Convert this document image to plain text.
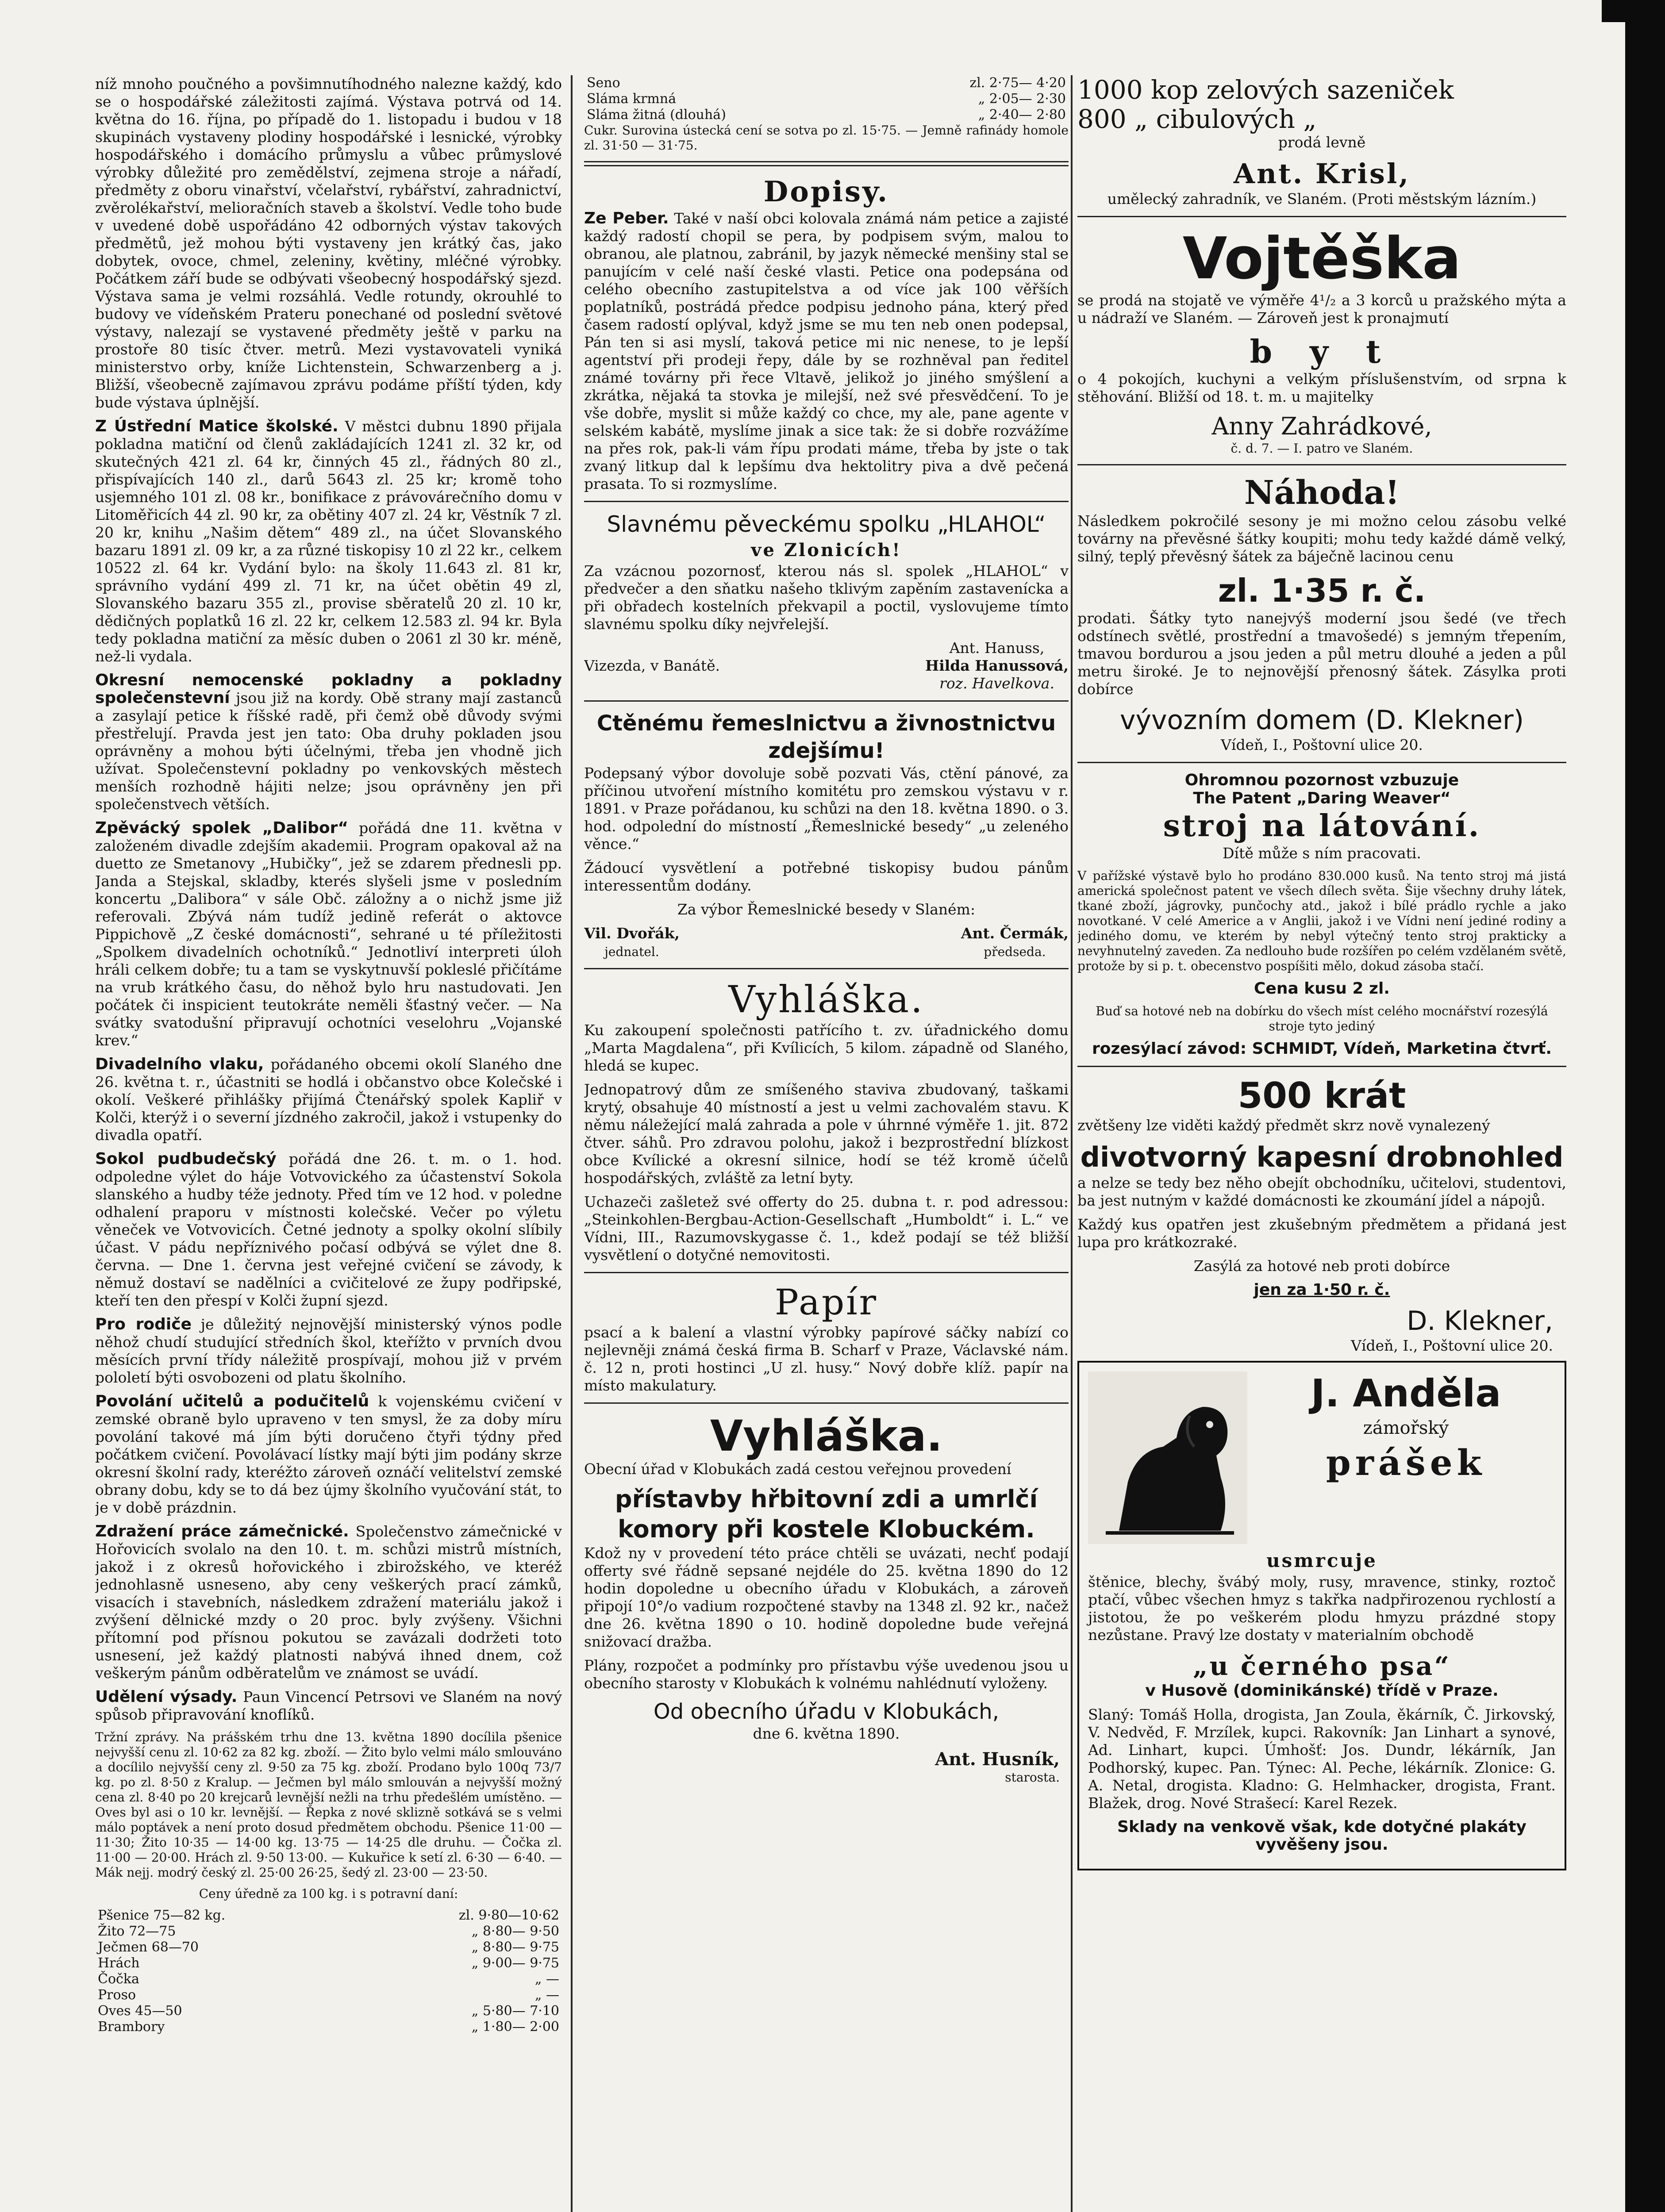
níž mnoho poučného a povšimnutíhodného nalezne každý, kdo se o hospodářské záležitosti zajímá. Výstava potrvá od 14. května do 16. října, po případě do 1. listopadu i budou v 18 skupinách vystaveny plodiny hospodářské i lesnické, výrobky hospodářského i domácího průmyslu a vůbec průmyslové výrobky důležité pro zemědělství, zejmena stroje a nářadí, předměty z oboru vinařství, včelařství, rybářství, zahradnictví, zvěrolékařství, melioračních staveb a školství. Vedle toho bude v uvedené době uspořádáno 42 odborných výstav takových předmětů, jež mohou býti vystaveny jen krátký čas, jako dobytek, ovoce, chmel, zeleniny, květiny, mléčné výrobky. Počátkem září bude se odbývati všeobecný hospodářský sjezd. Výstava sama je velmi rozsáhlá. Vedle rotundy, okrouhlé to budovy ve vídeňském Prateru ponechané od poslední světové výstavy, nalezají se vystavené předměty ještě v parku na prostoře 80 tisíc čtver. metrů. Mezi vystavovateli vyniká ministerstvo orby, kníže Lichtenstein, Schwarzenberg a j. Bližší, všeobecně zajímavou zprávu podáme příští týden, kdy bude výstava úplnější.

Z Ústřední Matice školské. V městci dubnu 1890 přijala pokladna matiční od členů zakládajících 1241 zl. 32 kr, od skutečných 421 zl. 64 kr, činných 45 zl., řádných 80 zl., přispívajících 140 zl., darů 5643 zl. 25 kr; kromě toho usjemného 101 zl. 08 kr., bonifikace z právovárečního domu v Litoměřicích 44 zl. 90 kr, za obětiny 407 zl. 24 kr, Věstník 7 zl. 20 kr, knihu „Našim dětem“ 489 zl., na účet Slovanského bazaru 1891 zl. 09 kr, a za různé tiskopisy 10 zl 22 kr., celkem 10522 zl. 64 kr. Vydání bylo: na školy 11.643 zl. 81 kr, správního vydání 499 zl. 71 kr, na účet obětin 49 zl, Slovanského bazaru 355 zl., provise sběratelů 20 zl. 10 kr, dědičných poplatků 16 zl. 22 kr, celkem 12.583 zl. 94 kr. Byla tedy pokladna matiční za měsíc duben o 2061 zl 30 kr. méně, než-li vydala.

Okresní nemocenské pokladny a pokladny společenstevní jsou již na kordy. Obě strany mají zastanců a zasylají petice k říšské radě, při čemž obě důvody svými přestřelují. Pravda jest jen tato: Oba druhy pokladen jsou oprávněny a mohou býti účelnými, třeba jen vhodně jich užívat. Společenstevní pokladny po venkovských městech menších rozhodně hájiti nelze; jsou oprávněny jen při společenstvech větších.

Zpěvácký spolek „Dalibor“ pořádá dne 11. května v založeném divadle zdejším akademii. Program opakoval až na duetto ze Smetanovy „Hubičky“, jež se zdarem přednesli pp. Janda a Stejskal, skladby, kterés slyšeli jsme v posledním koncertu „Dalibora“ v sále Obč. záložny a o nichž jsme již referovali. Zbývá nám tudíž jedině referát o aktovce Pippichově „Z české domácnosti“, sehrané u té příležitosti „Spolkem divadelních ochotníků.“ Jednotliví interpreti úloh hráli celkem dobře; tu a tam se vyskytnuvší pokleslé přičítáme na vrub krátkého času, do něhož bylo hru nastudovati. Jen počátek či inspicient teutokráte neměli šťastný večer. — Na svátky svatodušní připravují ochotníci veselohru „Vojanské krev.“

Divadelního vlaku, pořádaného obcemi okolí Slaného dne 26. května t. r., účastniti se hodlá i občanstvo obce Kolečské i okolí. Veškeré přihlášky přijímá Čtenářský spolek Kapliř v Kolči, kterýž i o severní jízdného zakročil, jakož i vstupenky do divadla opatří.

Sokol pudbudečský pořádá dne 26. t. m. o 1. hod. odpoledne výlet do háje Votvovického za účastenství Sokola slanského a hudby téže jednoty. Před tím ve 12 hod. v poledne odhalení praporu v místnosti kolečské. Večer po výletu věneček ve Votvovicích. Četné jednoty a spolky okolní slíbily účast. V pádu nepříznivého počasí odbývá se výlet dne 8. června. — Dne 1. června jest veřejné cvičení se závody, k němuž dostaví se nadělníci a cvičitelové ze župy podřipské, kteří ten den přespí v Kolči župní sjezd.

Pro rodiče je důležitý nejnovější ministerský výnos podle něhož chudí studující středních škol, kteřížto v prvních dvou měsících první třídy náležitě prospívají, mohou již v prvém pololetí býti osvobozeni od platu školního.

Povolání učitelů a podučitelů k vojenskému cvičení v zemské obraně bylo upraveno v ten smysl, že za doby míru povolání takové má jím býti doručeno čtyři týdny před počátkem cvičení. Povolávací lístky mají býti jim podány skrze okresní školní rady, kteréžto zároveň oznáčí velitelství zemské obrany dobu, kdy se to dá bez újmy školního vyučování stát, to je v době prázdnin.

Zdražení práce zámečnické. Společenstvo zámečnické v Hořovicích svolalo na den 10. t. m. schůzi mistrů místních, jakož i z okresů hořovického i zbirožského, ve kteréž jednohlasně usneseno, aby ceny veškerých prací zámků, visacích i stavebních, následkem zdražení materiálu jakož i zvýšení dělnické mzdy o 20 proc. byly zvýšeny. Všichni přítomní pod přísnou pokutou se zavázali dodržeti toto usnesení, jež každý platnosti nabývá ihned dnem, což veškerým pánům odběratelům ve známost se uvádí.

Udělení výsady. Paun Vincencí Petrsovi ve Slaném na nový spůsob připravování knoflíků.

Tržní zprávy. Na prášském trhu dne 13. května 1890 docílila pšenice nejvyšší cenu zl. 10·62 za 82 kg. zboží. — Žito bylo velmi málo smlouváno a docílilo nejvyšší ceny zl. 9·50 za 75 kg. zboží. Prodano bylo 100q 73/7 kg. po zl. 8·50 z Kralup. — Ječmen byl málo smlouván a nejvyšší možný cena zl. 8·40 po 20 krejcarů levnější nežli na trhu předešlém umístěno. — Oves byl asi o 10 kr. levnější. — Řepka z nové sklizně sotkává se s velmi málo poptávek a není proto dosud předmětem obchodu. Pšenice 11·00 — 11·30; Žito 10·35 — 14·00 kg. 13·75 — 14·25 dle druhu. — Čočka zl. 11·00 — 20·00. Hrách zl. 9·50 13·00. — Kukuřice k setí zl. 6·30 — 6·40. — Mák nejj. modrý český zl. 25·00 26·25, šedý zl. 23·00 — 23·50.

Ceny úředně za 100 kg. i s potravní daní:

Pšenice 75—82 kg.	zl. 9·80—10·62
Žito 72—75	„ 8·80— 9·50
Ječmen 68—70	„ 8·80— 9·75
Hrách	„ 9·00— 9·75
Čočka	„ —
Proso	„ —
Oves 45—50	„ 5·80— 7·10
Brambory	„ 1·80— 2·00
Seno	zl. 2·75— 4·20
Sláma krmná	„ 2·05— 2·30
Sláma žitná (dlouhá)	„ 2·40— 2·80

Cukr. Surovina ústecká cení se sotva po zl. 15·75. — Jemně rafinády homole zl. 31·50 — 31·75.

Dopisy.

Ze Peber. Také v naší obci kolovala známá nám petice a zajisté každý radostí chopil se pera, by podpisem svým, malou to obranou, ale platnou, zabránil, by jazyk německé menšiny stal se panujícím v celé naší české vlasti. Petice ona podepsána od celého obecního zastupitelstva a od více jak 100 věřších poplatníků, postrádá předce podpisu jednoho pána, který před časem radostí oplýval, když jsme se mu ten neb onen podepsal, Pán ten si asi myslí, taková petice mi nic nenese, to je lepší agentství při prodeji řepy, dále by se rozhněval pan ředitel známé továrny při řece Vltavě, jelikož jo jiného smýšlení a zkrátka, nějaká ta stovka je milejší, než své přesvědčení. To je vše dobře, myslit si může každý co chce, my ale, pane agente v selském kabátě, myslíme jinak a sice tak: že si dobře rozvážíme na přes rok, pak-li vám řípu prodati máme, třeba by jste o tak zvaný litkup dal k lepšímu dva hektolitry piva a dvě pečená prasata. To si rozmyslíme.

Slavnému pěveckému spolku „HLAHOL“
ve Zlonicích!

Za vzácnou pozornosť, kterou nás sl. spolek „HLAHOL“ v předvečer a den sňatku našeho tklivým zapěním zastavenícka a při obřadech kostelních překvapil a poctil, vyslovujeme tímto slavnému spolku díky nejvřelejší.

Vizezda, v Banátě.
Ant. Hanuss,
Hilda Hanussová,
roz. Havelkova.
Ctěnému řemeslnictvu a živnostnictvu zdejšímu!

Podepsaný výbor dovoluje sobě pozvati Vás, ctění pánové, za příčinou utvoření místního komitétu pro zemskou výstavu v r. 1891. v Praze pořádanou, ku schůzi na den 18. května 1890. o 3. hod. odpolední do místností „Řemeslnické besedy“ „u zeleného věnce.“

Žádoucí vysvětlení a potřebné tiskopisy budou pánům interessentům dodány.

Za výbor Řemeslnické besedy v Slaném:

Vil. Dvořák,
jednatel.
Ant. Čermák,
předseda.
Vyhláška.

Ku zakoupení společnosti patřícího t. zv. úřadnického domu „Marta Magdalena“, při Kvílicích, 5 kilom. západně od Slaného, hledá se kupec.

Jednopatrový dům ze smíšeného staviva zbudovaný, taškami krytý, obsahuje 40 místností a jest u velmi zachovalém stavu. K němu náležející malá zahrada a pole v úhrnné výměře 1. jit. 872 čtver. sáhů. Pro zdravou polohu, jakož i bezprostřední blízkost obce Kvílické a okresní silnice, hodí se též kromě účelů hospodářských, zvláště za letní byty.

Uchazeči zašletež své offerty do 25. dubna t. r. pod adressou: „Steinkohlen-Bergbau-Action-Gesellschaft „Humboldt“ i. L.“ ve Vídni, III., Razumovskygasse č. 1., kdež podají se též bližší vysvětlení o dotyčné nemovitosti.

Papír

psací a k balení a vlastní výrobky papírové sáčky nabízí co nejlevněji známá česká firma B. Scharf v Praze, Václavské nám. č. 12 n, proti hostinci „U zl. husy.“ Nový dobře klíž. papír na místo makulatury.

Vyhláška.

Obecní úřad v Klobukách zadá cestou veřejnou provedení

přístavby hřbitovní zdi a umrlčí komory při kostele Klobuckém.

Kdož ny v provedení této práce chtěli se uvázati, nechť podají offerty své řádně sepsané nejdéle do 25. května 1890 do 12 hodin dopoledne u obecního úřadu v Klobukách, a zároveň připojí 10°/o vadium rozpočtené stavby na 1348 zl. 92 kr., načež dne 26. května 1890 o 10. hodině dopoledne bude veřejná snižovací dražba.

Plány, rozpočet a podmínky pro přístavbu výše uvedenou jsou u obecního starosty v Klobukách k volnému nahlédnutí vyloženy.

Od obecního úřadu v Klobukách,

dne 6. května 1890.

Ant. Husník,
starosta.
1000 kop zelových sazeniček
800 „ cibulových „

prodá levně

Ant. Krisl,

umělecký zahradník, ve Slaném. (Proti městským lázním.)

Vojtěška

se prodá na stojatě ve výměře 4¹/₂ a 3 korců u pražského mýta a u nádraží ve Slaném. — Zároveň jest k pronajmutí

b y t

o 4 pokojích, kuchyni a velkým příslušenstvím, od srpna k stěhování. Bližší od 18. t. m. u majitelky

Anny Zahrádkové,

č. d. 7. — I. patro ve Slaném.

Náhoda!

Následkem pokročilé sesony je mi možno celou zásobu velké továrny na převěsné šátky koupiti; mohu tedy každé dámě velký, silný, teplý převěsný šátek za báječně lacinou cenu

zl. 1·35 r. č.

prodati. Šátky tyto nanejvýš moderní jsou šedé (ve třech odstínech světlé, prostřední a tmavošedé) s jemným třepením, tmavou bordurou a jsou jeden a půl metru dlouhé a jeden a půl metru široké. Je to nejnovější přenosný šátek. Zásylka proti dobírce

vývozním domem (D. Klekner)

Vídeň, I., Poštovní ulice 20.

Ohromnou pozornost vzbuzuje
The Patent „Daring Weaver“
stroj na látování.

Dítě může s ním pracovati.

V pařížské výstavě bylo ho prodáno 830.000 kusů. Na tento stroj má jistá americká společnost patent ve všech dílech světa. Šije všechny druhy látek, tkané zboží, jágrovky, punčochy atd., jakož i bílé prádlo rychle a jako novotkané. V celé Americe a v Anglii, jakož i ve Vídni není jediné rodiny a jediného domu, ve kterém by nebyl výtečný tento stroj prakticky a nevyhnutelný zaveden. Za nedlouho bude rozšířen po celém vzdělaném světě, protože by si p. t. obecenstvo pospíšiti mělo, dokud zásoba stačí.

Cena kusu 2 zl.

Buď sa hotové neb na dobírku do všech míst celého mocnářství rozesýlá stroje tyto jediný

rozesýlací závod: SCHMIDT, Vídeň, Marketina čtvrť.

500 krát

zvětšeny lze viděti každý předmět skrz nově vynalezený

divotvorný kapesní drobnohled

a nelze se tedy bez něho obejít obchodníku, učitelovi, studentovi, ba jest nutným v každé domácnosti ke zkoumání jídel a nápojů.

Každý kus opatřen jest zkušebným předmětem a přidaná jest lupa pro krátkozraké.

Zasýlá za hotové neb proti dobírce

jen za 1·50 r. č.

D. Klekner,

Vídeň, I., Poštovní ulice 20.

J. Anděla
zámořský
prášek
usmrcuje

štěnice, blechy, švábý moly, rusy, mravence, stinky, roztoč ptačí, vůbec všechen hmyz s takřka nadpřirozenou rychlostí a jistotou, že po veškerém plodu hmyzu prázdné stopy nezůstane. Pravý lze dostaty v materialním obchodě

„u černého psa“

v Husově (dominikánské) třídě v Praze.

Slaný: Tomáš Holla, drogista, Jan Zoula, ěkárník, Č. Jirkovský, V. Nedvěd, F. Mrzílek, kupci. Rakovník: Jan Linhart a synové, Ad. Linhart, kupci. Úmhošť: Jos. Dundr, lékárník, Jan Podhorský, kupec. Pan. Týnec: Al. Peche, lékárník. Zlonice: G. A. Netal, drogista. Kladno: G. Helmhacker, drogista, Frant. Blažek, drog. Nové Strašecí: Karel Rezek.

Sklady na venkově však, kde dotyčné plakáty vyvěšeny jsou.
